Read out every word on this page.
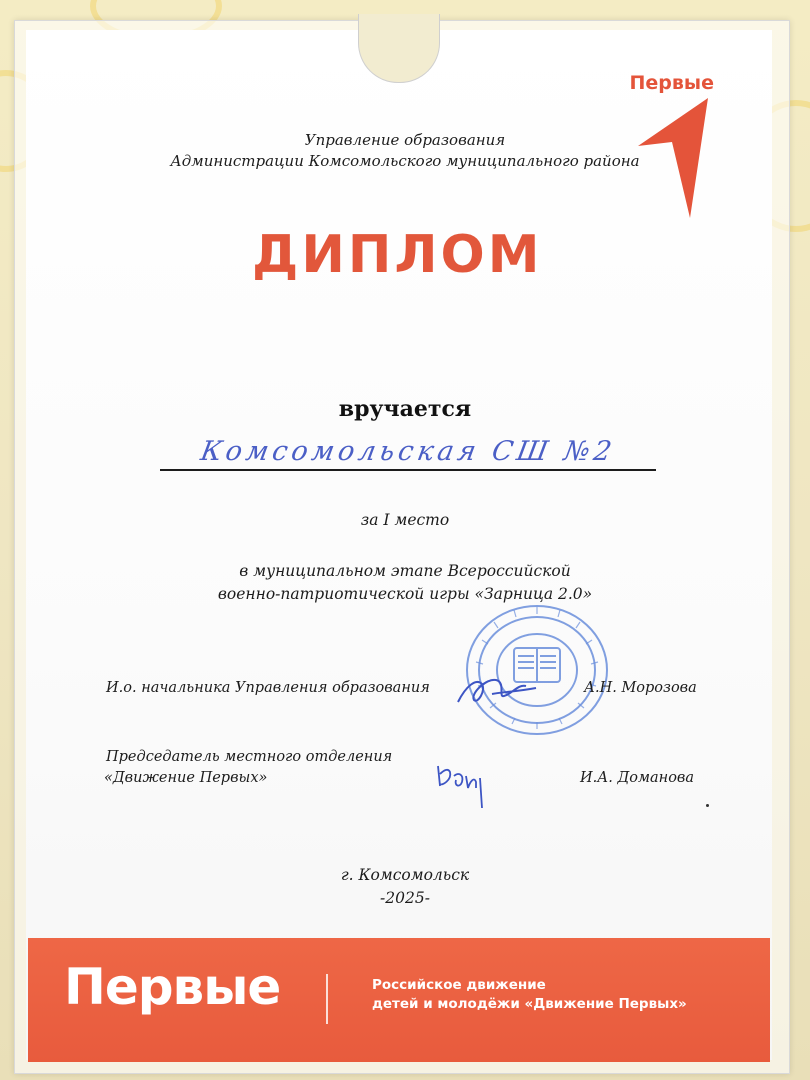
Первые
Управление образования
Администрации Комсомольского муниципального района
ДИПЛОМ
вручается
Комсомольская СШ №2
за I место
в муниципальном этапе Всероссийской
военно-патриотической игры «Зарница 2.0»
И.о. начальника Управления образования	А.Н. Морозова
Председатель местного отделения
«Движение Первых»	И.А. Доманова
г. Комсомольск
-2025-
Первые	Российское движение
детей и молодёжи «Движение Первых»
